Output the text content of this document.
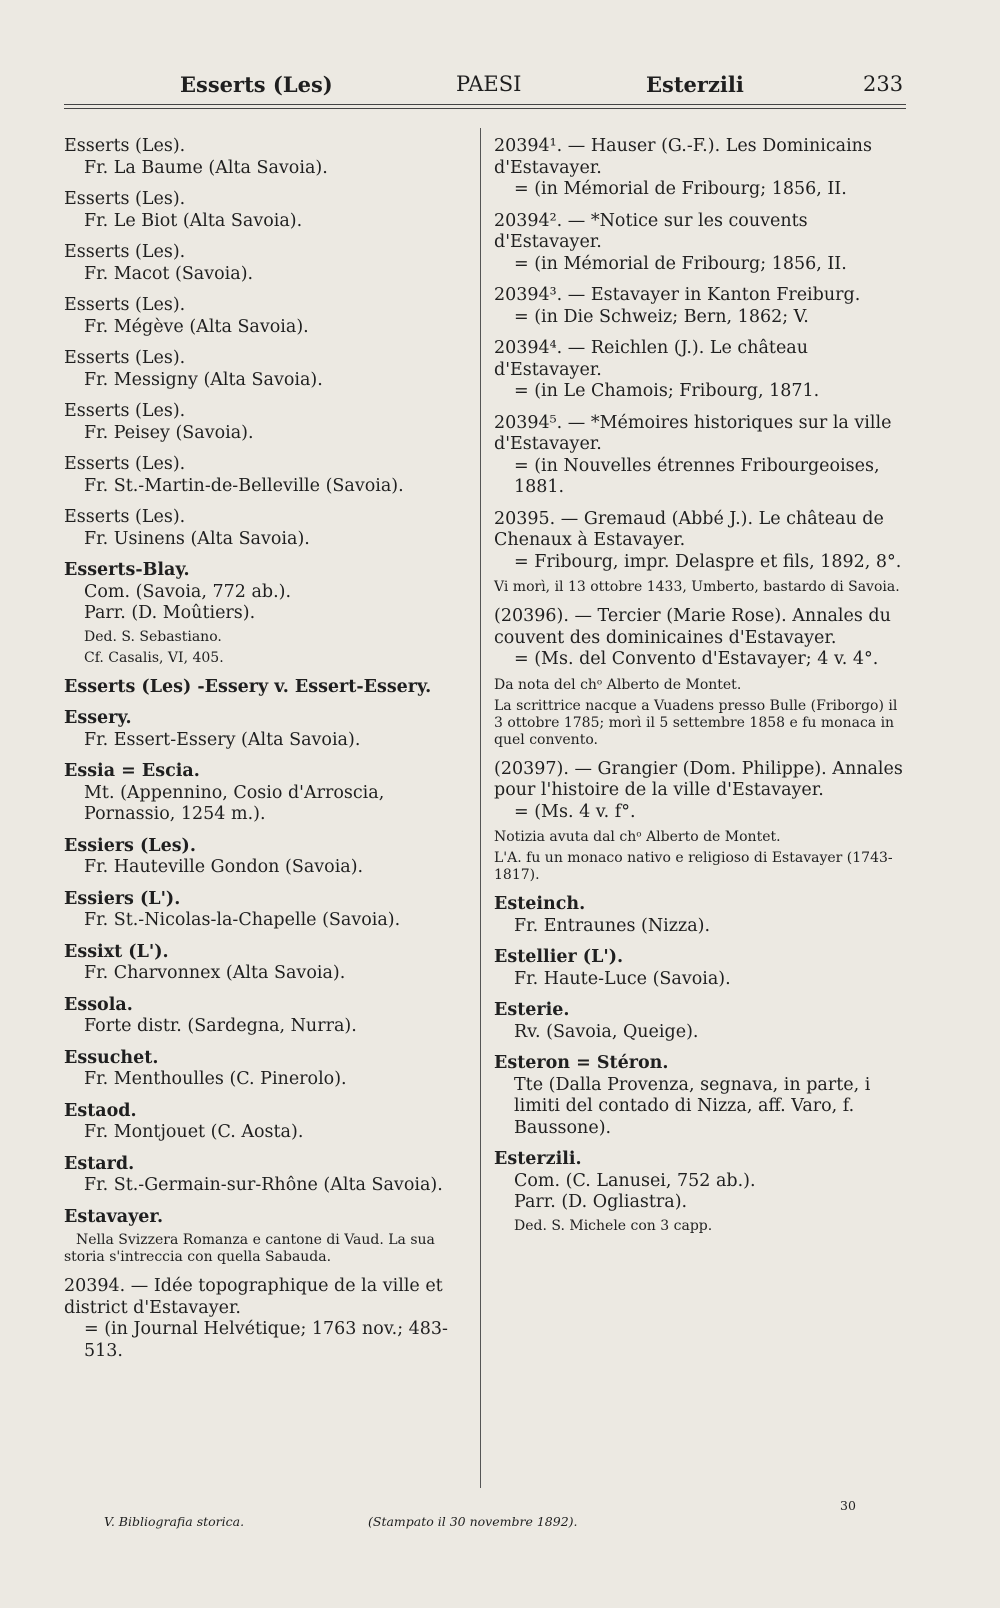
Esserts (Les)	PAESI	Esterzili	233
Esserts (Les).
Fr. La Baume (Alta Savoia).
Esserts (Les).
Fr. Le Biot (Alta Savoia).
Esserts (Les).
Fr. Macot (Savoia).
Esserts (Les).
Fr. Mégève (Alta Savoia).
Esserts (Les).
Fr. Messigny (Alta Savoia).
Esserts (Les).
Fr. Peisey (Savoia).
Esserts (Les).
Fr. St.-Martin-de-Belleville (Savoia).
Esserts (Les).
Fr. Usinens (Alta Savoia).
Esserts-Blay.
Com. (Savoia, 772 ab.).
Parr. (D. Moûtiers).
Ded. S. Sebastiano.
Cf. Casalis, VI, 405.
Esserts (Les) -Essery v. Essert-Essery.
Essery.
Fr. Essert-Essery (Alta Savoia).
Essia = Escia.
Mt. (Appennino, Cosio d'Arroscia, Pornassio, 1254 m.).
Essiers (Les).
Fr. Hauteville Gondon (Savoia).
Essiers (L').
Fr. St.-Nicolas-la-Chapelle (Savoia).
Essixt (L').
Fr. Charvonnex (Alta Savoia).
Essola.
Forte distr. (Sardegna, Nurra).
Essuchet.
Fr. Menthoulles (C. Pinerolo).
Estaod.
Fr. Montjouet (C. Aosta).
Estard.
Fr. St.-Germain-sur-Rhône (Alta Savoia).
Estavayer.
Nella Svizzera Romanza e cantone di Vaud. La sua storia s'intreccia con quella Sabauda.
20394. — Idée topographique de la ville et district d'Estavayer.
= (in Journal Helvétique; 1763 nov.; 483-513.
20394¹. — Hauser (G.-F.). Les Dominicains d'Estavayer.
= (in Mémorial de Fribourg; 1856, II.
20394². — *Notice sur les couvents d'Estavayer.
= (in Mémorial de Fribourg; 1856, II.
20394³. — Estavayer in Kanton Freiburg.
= (in Die Schweiz; Bern, 1862; V.
20394⁴. — Reichlen (J.). Le château d'Estavayer.
= (in Le Chamois; Fribourg, 1871.
20394⁵. — *Mémoires historiques sur la ville d'Estavayer.
= (in Nouvelles étrennes Fribourgeoises, 1881.
20395. — Gremaud (Abbé J.). Le château de Chenaux à Estavayer.
= Fribourg, impr. Delaspre et fils, 1892, 8°.
Vi morì, il 13 ottobre 1433, Umberto, bastardo di Savoia.
(20396). — Tercier (Marie Rose). Annales du couvent des dominicaines d'Estavayer.
= (Ms. del Convento d'Estavayer; 4 v. 4°.
Da nota del chᵒ Alberto de Montet.
La scrittrice nacque a Vuadens presso Bulle (Friborgo) il 3 ottobre 1785; morì il 5 settembre 1858 e fu monaca in quel convento.
(20397). — Grangier (Dom. Philippe). Annales pour l'histoire de la ville d'Estavayer.
= (Ms. 4 v. f°.
Notizia avuta dal chᵒ Alberto de Montet.
L'A. fu un monaco nativo e religioso di Estavayer (1743-1817).
Esteinch.
Fr. Entraunes (Nizza).
Estellier (L').
Fr. Haute-Luce (Savoia).
Esterie.
Rv. (Savoia, Queige).
Esteron = Stéron.
Tte (Dalla Provenza, segnava, in parte, i limiti del contado di Nizza, aff. Varo, f. Baussone).
Esterzili.
Com. (C. Lanusei, 752 ab.).
Parr. (D. Ogliastra).
Ded. S. Michele con 3 capp.
V. Bibliografia storica.	(Stampato il 30 novembre 1892).
30
